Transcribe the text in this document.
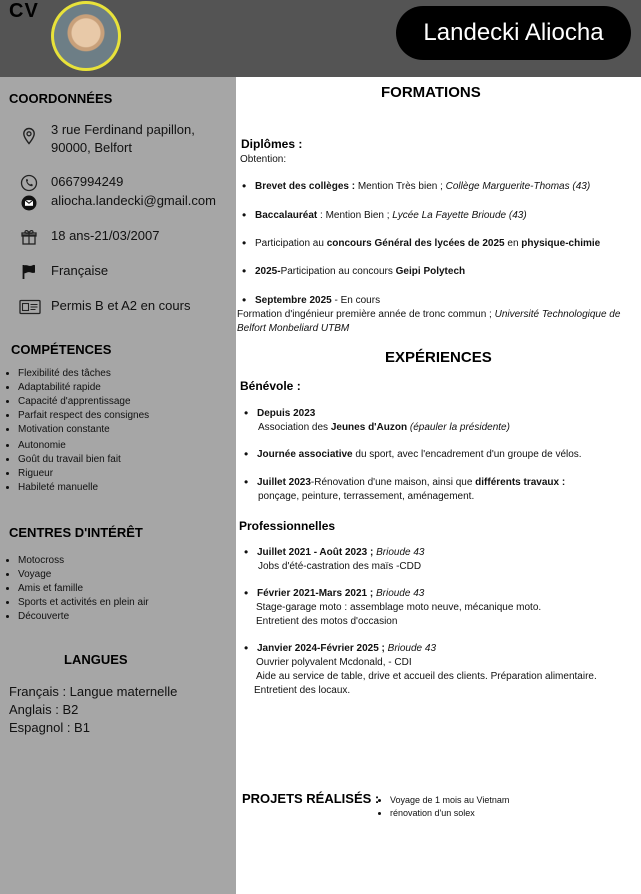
CV
Landecki Aliocha
COORDONNÉES
3 rue Ferdinand papillon,
90000, Belfort
0667994249
aliocha.landecki@gmail.com
18 ans-21/03/2007
Française
Permis B et A2 en cours
COMPÉTENCES
• Flexibilité des tâches
• Adaptabilité rapide
• Capacité d'apprentissage
• Parfait respect des consignes
• Motivation constante
• Autonomie
• Goût du travail bien fait
• Rigueur
• Habileté manuelle
CENTRES D'INTÉRÊT
• Motocross
• Voyage
• Amis et famille
• Sports et activités en plein air
• Découverte
LANGUES
Français : Langue maternelle
Anglais : B2
Espagnol : B1
FORMATIONS
Diplômes :
Obtention:
• Brevet des collèges : Mention Très bien ; Collège Marguerite-Thomas (43)
• Baccalauréat : Mention Bien ; Lycée La Fayette Brioude (43)
• Participation au concours Général des lycées de 2025 en physique-chimie
• 2025-Participation au concours Geipi Polytech
• Septembre 2025 - En cours
Formation d'ingénieur première année de tronc commun ; Université Technologique de
Belfort Monbeliard UTBM
EXPÉRIENCES
Bénévole :
• Depuis 2023
Association des Jeunes d'Auzon (épauler la présidente)
• Journée associative du sport, avec l'encadrement d'un groupe de vélos.
• Juillet 2023-Rénovation d'une maison, ainsi que différents travaux :
ponçage, peinture, terrassement, aménagement.
Professionnelles
• Juillet 2021 - Août 2023 ; Brioude 43
Jobs d'été-castration des maïs -CDD
• Février 2021-Mars 2021 ; Brioude 43
Stage-garage moto : assemblage moto neuve, mécanique moto.
Entretient des motos d'occasion
• Janvier 2024-Février 2025 ; Brioude 43
Ouvrier polyvalent Mcdonald, - CDI
Aide au service de table, drive et accueil des clients. Préparation alimentaire.
Entretient des locaux.
PROJETS RÉALISÉS :
• Voyage de 1 mois au Vietnam
• rénovation d'un solex
